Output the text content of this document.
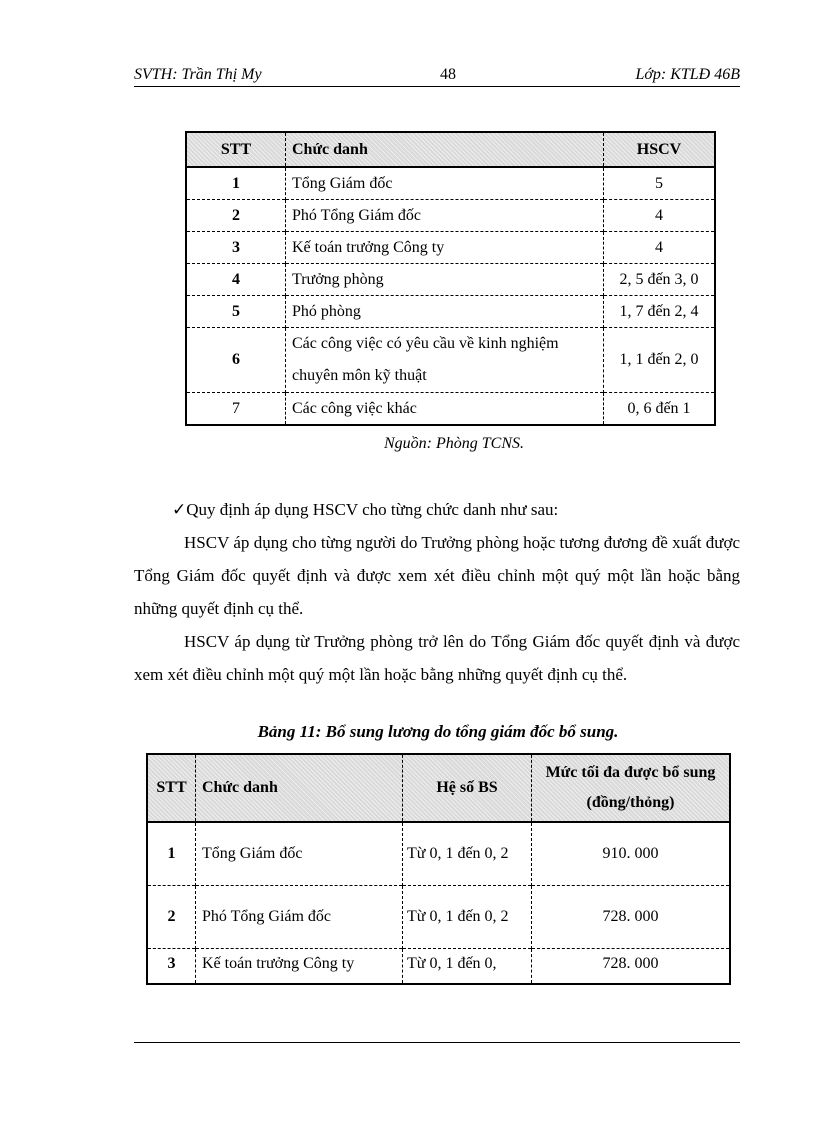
SVTH: Trần Thị My	48	Lớp: KTLĐ 46B
STT	Chức danh	HSCV
1	Tổng Giám đốc	5
2	Phó Tổng Giám đốc	4
3	Kế toán trưởng Công ty	4
4	Trưởng phòng	2, 5 đến 3, 0
5	Phó phòng	1, 7 đến 2, 4
6	Các công việc có yêu cầu về kinh nghiệm chuyên môn kỹ thuật	1, 1 đến 2, 0
7	Các công việc khác	0, 6 đến 1
Nguồn: Phòng TCNS.
✓Quy định áp dụng HSCV cho từng chức danh như sau:
HSCV áp dụng cho từng người do Trưởng phòng hoặc tương đương đề xuất được Tổng Giám đốc quyết định và được xem xét điều chỉnh một quý một lần hoặc bằng những quyết định cụ thể.
HSCV áp dụng từ Trưởng phòng trở lên do Tổng Giám đốc quyết định và được xem xét điều chỉnh một quý một lần hoặc bằng những quyết định cụ thể.
Bảng 11: Bổ sung lương do tổng giám đốc bổ sung.
STT	Chức danh	Hệ số BS	Mức tối đa được bổ sung (đồng/thỏng)
1	Tổng Giám đốc	Từ 0, 1 đến 0, 2	910. 000
2	Phó Tổng Giám đốc	Từ 0, 1 đến 0, 2	728. 000
3	Kế toán trưởng Công ty	Từ 0, 1 đến 0,	728. 000
